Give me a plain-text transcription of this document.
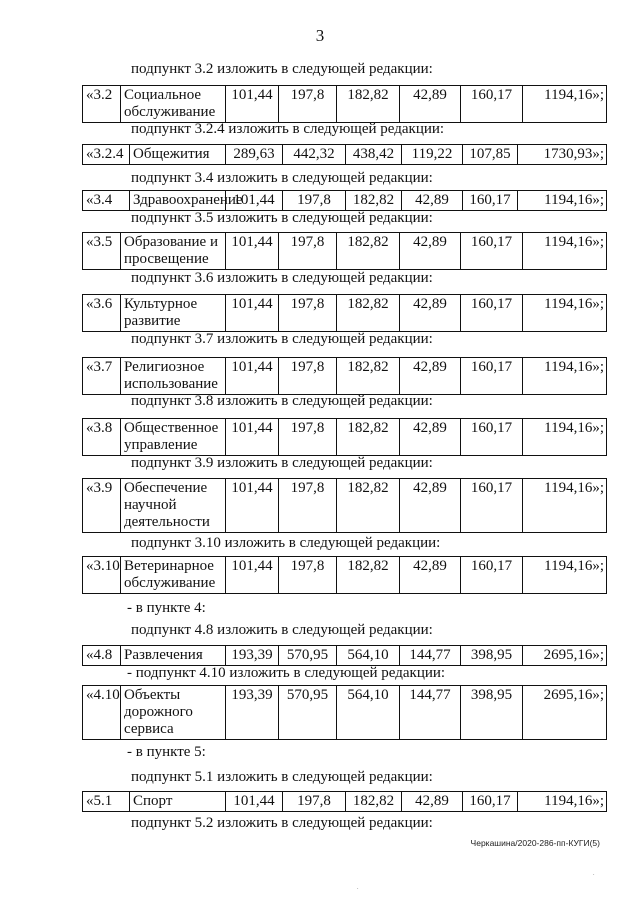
3
подпункт 3.2 изложить в следующей редакции:
«3.2	Социальное обслуживание	101,44	197,8	182,82	42,89	160,17	1194,16»;
подпункт 3.2.4 изложить в следующей редакции:
«3.2.4	Общежития	289,63	442,32	438,42	119,22	107,85	1730,93»;
подпункт 3.4 изложить в следующей редакции:
«3.4	Здравоохранение	101,44	197,8	182,82	42,89	160,17	1194,16»;
подпункт 3.5 изложить в следующей редакции:
«3.5	Образование и просвещение	101,44	197,8	182,82	42,89	160,17	1194,16»;
подпункт 3.6 изложить в следующей редакции:
«3.6	Культурное развитие	101,44	197,8	182,82	42,89	160,17	1194,16»;
подпункт 3.7 изложить в следующей редакции:
«3.7	Религиозное использование	101,44	197,8	182,82	42,89	160,17	1194,16»;
подпункт 3.8 изложить в следующей редакции:
«3.8	Общественное управление	101,44	197,8	182,82	42,89	160,17	1194,16»;
подпункт 3.9 изложить в следующей редакции:
«3.9	Обеспечение научной деятельности	101,44	197,8	182,82	42,89	160,17	1194,16»;
подпункт 3.10 изложить в следующей редакции:
«3.10	Ветеринарное обслуживание	101,44	197,8	182,82	42,89	160,17	1194,16»;
- в пункте 4:
подпункт 4.8 изложить в следующей редакции:
«4.8	Развлечения	193,39	570,95	564,10	144,77	398,95	2695,16»;
- подпункт 4.10 изложить в следующей редакции:
«4.10	Объекты дорожного сервиса	193,39	570,95	564,10	144,77	398,95	2695,16»;
- в пункте 5:
подпункт 5.1 изложить в следующей редакции:
«5.1	Спорт	101,44	197,8	182,82	42,89	160,17	1194,16»;
подпункт 5.2 изложить в следующей редакции:
Черкашина/2020-286-пп-КУГИ(5)
.
.
